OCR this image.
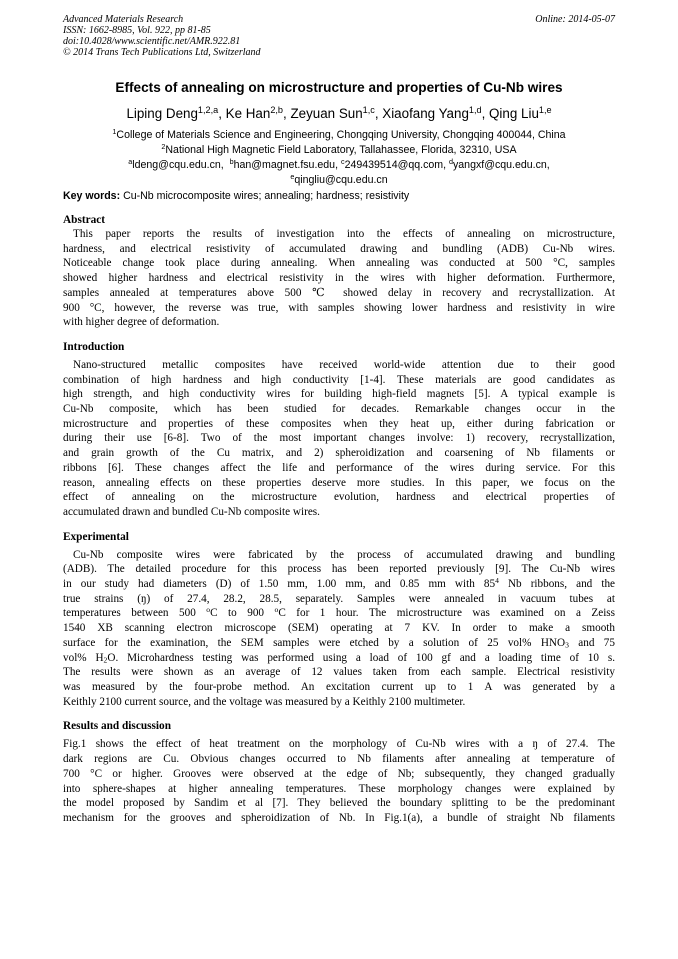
Advanced Materials Research
ISSN: 1662-8985, Vol. 922, pp 81-85
doi:10.4028/www.scientific.net/AMR.922.81
© 2014 Trans Tech Publications Ltd, Switzerland
Online: 2014-05-07
Effects of annealing on microstructure and properties of Cu-Nb wires
Liping Deng$^{1,2,a}$, Ke Han$^{2,b}$, Zeyuan Sun$^{1,c}$, Xiaofang Yang$^{1,d}$, Qing Liu$^{1,e}$
$^1$College of Materials Science and Engineering, Chongqing University, Chongqing 400044, China
$^2$National High Magnetic Field Laboratory, Tallahassee, Florida, 32310, USA
$^a$ldeng@cqu.edu.cn, $^b$han@magnet.fsu.edu, $^c$249439514@qq.com, $^d$yangxf@cqu.edu.cn,
$^e$qingliu@cqu.edu.cn
Key words: Cu-Nb microcomposite wires; annealing; hardness; resistivity
Abstract
This paper reports the results of investigation into the effects of annealing on microstructure,
hardness, and electrical resistivity of accumulated drawing and bundling (ADB) Cu-Nb wires.
Noticeable change took place during annealing. When annealing was conducted at 500 °C, samples
showed higher hardness and electrical resistivity in the wires with higher deformation. Furthermore,
samples annealed at temperatures above 500 ℃ showed delay in recovery and recrystallization. At
900 °C, however, the reverse was true, with samples showing lower hardness and resistivity in wire
with higher degree of deformation.
Introduction
Nano-structured metallic composites have received world-wide attention due to their good
combination of high hardness and high conductivity [1-4]. These materials are good candidates as
high strength, and high conductivity wires for building high-field magnets [5]. A typical example is
Cu-Nb composite, which has been studied for decades. Remarkable changes occur in the
microstructure and properties of these composites when they heat up, either during fabrication or
during their use [6-8]. Two of the most important changes involve: 1) recovery, recrystallization,
and grain growth of the Cu matrix, and 2) spheroidization and coarsening of Nb filaments or
ribbons [6]. These changes affect the life and performance of the wires during service. For this
reason, annealing effects on these properties deserve more studies. In this paper, we focus on the
effect of annealing on the microstructure evolution, hardness and electrical properties of
accumulated drawn and bundled Cu-Nb composite wires.
Experimental
Cu-Nb composite wires were fabricated by the process of accumulated drawing and bundling
(ADB). The detailed procedure for this process has been reported previously [9]. The Cu-Nb wires
in our study had diameters (D) of 1.50 mm, 1.00 mm, and 0.85 mm with $85^4$ Nb ribbons, and the
true strains (ŋ) of 27.4, 28.2, 28.5, separately. Samples were annealed in vacuum tubes at
temperatures between 500 $^o$C to 900 $^o$C for 1 hour. The microstructure was examined on a Zeiss
1540 XB scanning electron microscope (SEM) operating at 7 KV. In order to make a smooth
surface for the examination, the SEM samples were etched by a solution of 25 vol% $HNO_3$ and 75
vol% $H_2O$. Microhardness testing was performed using a load of 100 gf and a loading time of 10 s.
The results were shown as an average of 12 values taken from each sample. Electrical resistivity
was measured by the four-probe method. An excitation current up to 1 A was generated by a
Keithly 2100 current source, and the voltage was measured by a Keithly 2100 multimeter.
Results and discussion
Fig.1 shows the effect of heat treatment on the morphology of Cu-Nb wires with a ŋ of 27.4. The
dark regions are Cu. Obvious changes occurred to Nb filaments after annealing at temperature of
700 °C or higher. Grooves were observed at the edge of Nb; subsequently, they changed gradually
into sphere-shapes at higher annealing temperatures. These morphology changes were explained by
the model proposed by Sandim et al [7]. They believed the boundary splitting to be the predominant
mechanism for the grooves and spheroidization of Nb. In Fig.1(a), a bundle of straight Nb filaments
